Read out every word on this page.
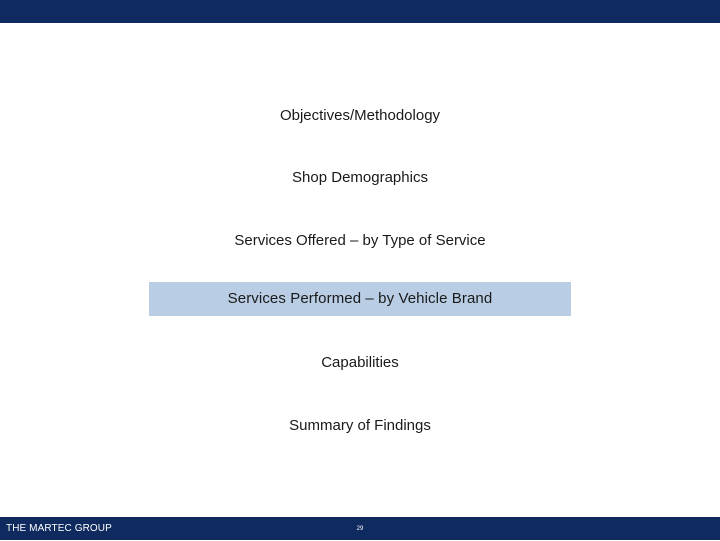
Objectives/Methodology
Shop Demographics
Services Offered – by Type of Service
Services Performed – by Vehicle Brand
Capabilities
Summary of Findings
THE MARTEC GROUP	29
